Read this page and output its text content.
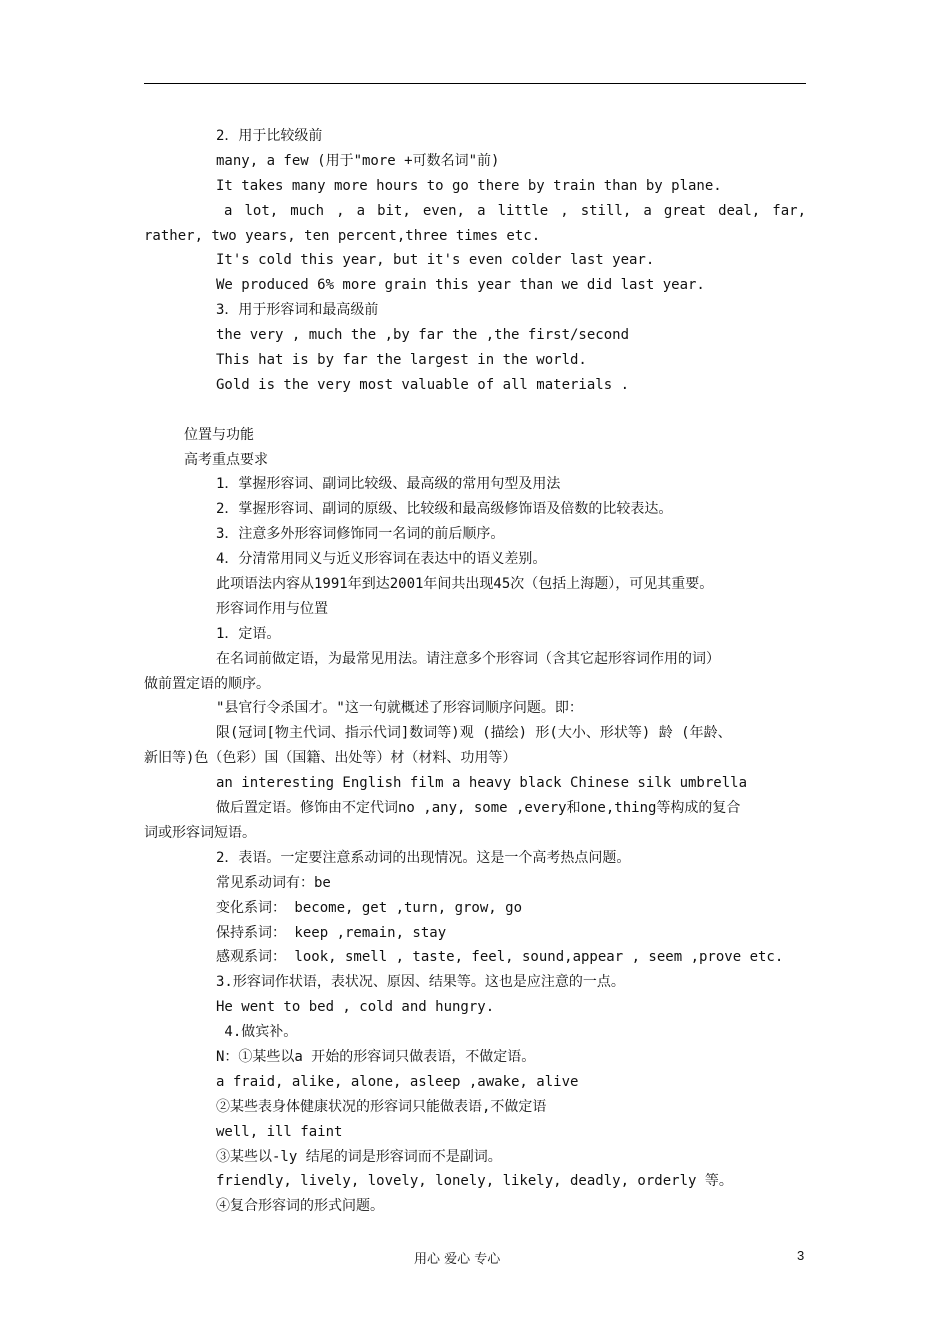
2．用于比较级前
many, a few (用于"more +可数名词"前)
It takes many more hours to go there by train than by plane.
a lot, much , a bit, even, a little , still, a great deal, far,
rather, two years, ten percent,three times etc.
It's cold this year, but it's even colder last year.
We produced 6% more grain this year than we did last year.
3．用于形容词和最高级前
the very , much the ,by far the ,the first/second
This hat is by far the largest in the world.
Gold is the very most valuable of all materials .
位置与功能
高考重点要求
1．掌握形容词、副词比较级、最高级的常用句型及用法
2．掌握形容词、副词的原级、比较级和最高级修饰语及倍数的比较表达。
3．注意多外形容词修饰同一名词的前后顺序。
4．分清常用同义与近义形容词在表达中的语义差别。
此项语法内容从1991年到达2001年间共出现45次（包括上海题），可见其重要。
形容词作用与位置
1．定语。
在名词前做定语，为最常见用法。请注意多个形容词（含其它起形容词作用的词）
做前置定语的顺序。
"县官行令杀国才。"这一句就概述了形容词顺序问题。即：
限(冠词[物主代词、指示代词]数词等)观 (描绘) 形(大小、形状等) 龄 (年龄、
新旧等)色（色彩）国（国籍、出处等）材（材料、功用等）
an interesting English film a heavy black Chinese silk umbrella
做后置定语。修饰由不定代词no ,any, some ,every和one,thing等构成的复合
词或形容词短语。
2．表语。一定要注意系动词的出现情况。这是一个高考热点问题。
常见系动词有：be
变化系词： become, get ,turn, grow, go
保持系词： keep ,remain, stay
感观系词： look, smell , taste, feel, sound,appear , seem ,prove etc.
3.形容词作状语，表状况、原因、结果等。这也是应注意的一点。
He went to bed , cold and hungry.
4.做宾补。
N：①某些以a 开始的形容词只做表语，不做定语。
a fraid, alike, alone, asleep ,awake, alive
②某些表身体健康状况的形容词只能做表语,不做定语
well, ill faint
③某些以-ly 结尾的词是形容词而不是副词。
friendly, lively, lovely, lonely, likely, deadly, orderly 等。
④复合形容词的形式问题。
用心 爱心 专心	3
